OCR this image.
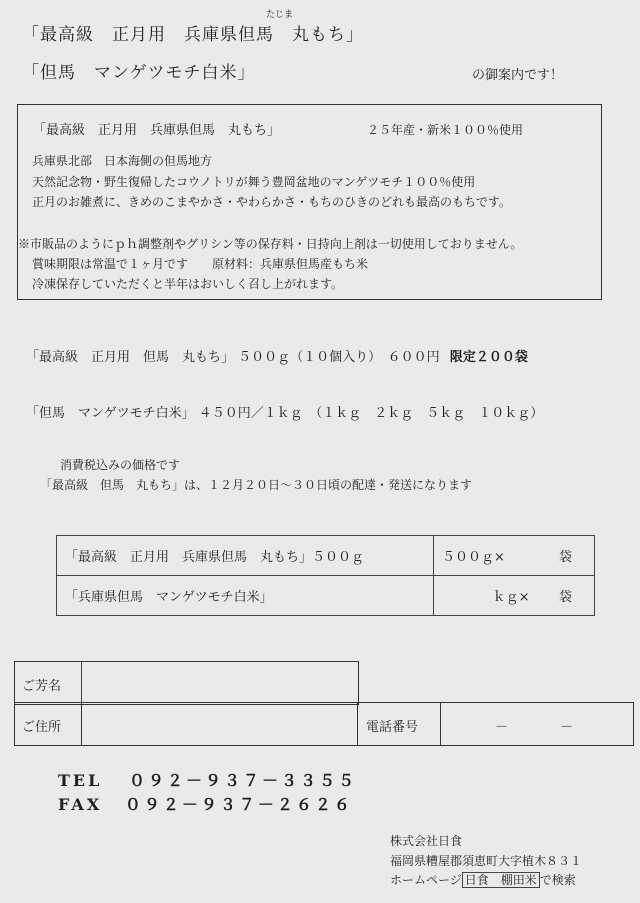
「最高級　正月用　兵庫県但馬　丸もち」
たじま
「但馬　マンゲツモチ白米」	の御案内です！
「最高級　正月用　兵庫県但馬　丸もち」	２５年産・新米１００％使用
兵庫県北部　日本海側の但馬地方
天然記念物・野生復帰したコウノトリが舞う豊岡盆地のマンゲツモチ１００％使用
正月のお雑煮に、きめのこまやかさ・やわらかさ・もちのひきのどれも最高のもちです。
※市販品のようにｐｈ調整剤やグリシン等の保存料・日持向上剤は一切使用しておりません。
賞味期限は常温で１ヶ月です　　原材料：兵庫県但馬産もち米
冷凍保存していただくと半年はおいしく召し上がれます。
「最高級　正月用　但馬　丸もち」 ５００ｇ（１０個入り）　６００円 限定２００袋
「但馬　マンゲツモチ白米」 ４５０円／１ｋｇ　（１ｋｇ　２ｋｇ　５ｋｇ　１０ｋｇ）
消費税込みの価格です
「最高級　但馬　丸もち」は、１２月２０日～３０日頃の配達・発送になります
「最高級　正月用　兵庫県但馬　丸もち」５００ｇ	５００ｇ×	袋
「兵庫県但馬　マンゲツモチ白米」	ｋｇ×	袋
ご芳名
ご住所	電話番号	－　　　　－
TEL ０９２－９３７－３３５５
FAX ０９２－９３７－２６２６
株式会社日食
福岡県糟屋郡須恵町大字植木８３１
ホームページ 日食　棚田米 で検索
